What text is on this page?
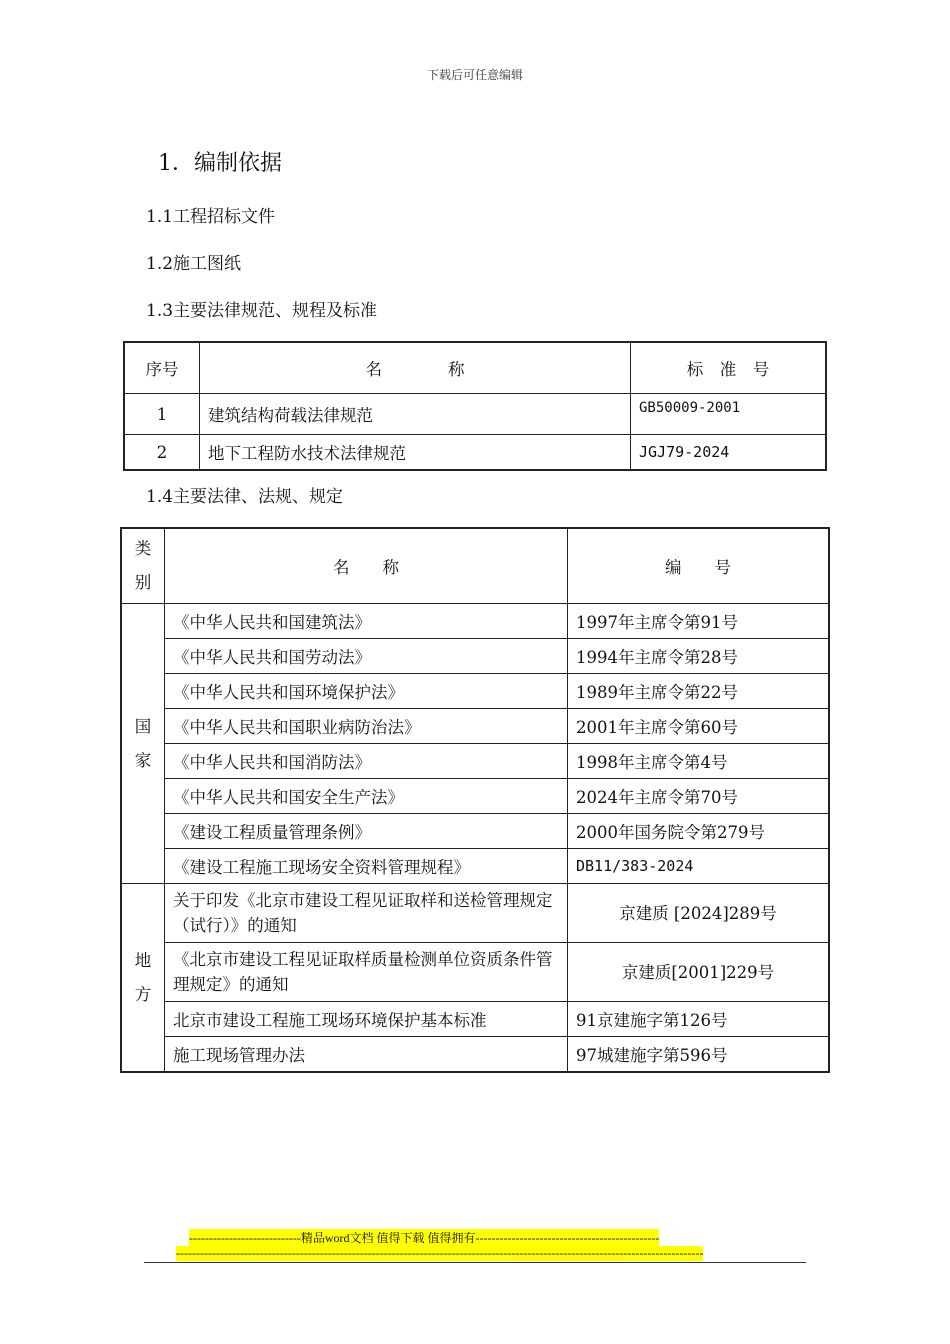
下载后可任意编辑
1．编制依据
1.1工程招标文件
1.2施工图纸
1.3主要法律规范、规程及标准
序号	名　　　　称	标　准　号
1	建筑结构荷载法律规范	GB50009-2001
2	地下工程防水技术法律规范	JGJ79-2024
1.4主要法律、法规、规定
类别	名　　称	编　　号
国家	《中华人民共和国建筑法》	1997年主席令第91号
	《中华人民共和国劳动法》	1994年主席令第28号
	《中华人民共和国环境保护法》	1989年主席令第22号
	《中华人民共和国职业病防治法》	2001年主席令第60号
	《中华人民共和国消防法》	1998年主席令第4号
	《中华人民共和国安全生产法》	2024年主席令第70号
	《建设工程质量管理条例》	2000年国务院令第279号
	《建设工程施工现场安全资料管理规程》	DB11/383-2024
地方	关于印发《北京市建设工程见证取样和送检管理规定（试行）》的通知	京建质 [2024]289号
	《北京市建设工程见证取样质量检测单位资质条件管理规定》的通知	京建质[2001]229号
	北京市建设工程施工现场环境保护基本标准	91京建施字第126号
	施工现场管理办法	97城建施字第596号
----------------------------精品word文档 值得下载 值得拥有----------------------------------------------
------------------------------------------------------------------------------------------------------------------------------------
